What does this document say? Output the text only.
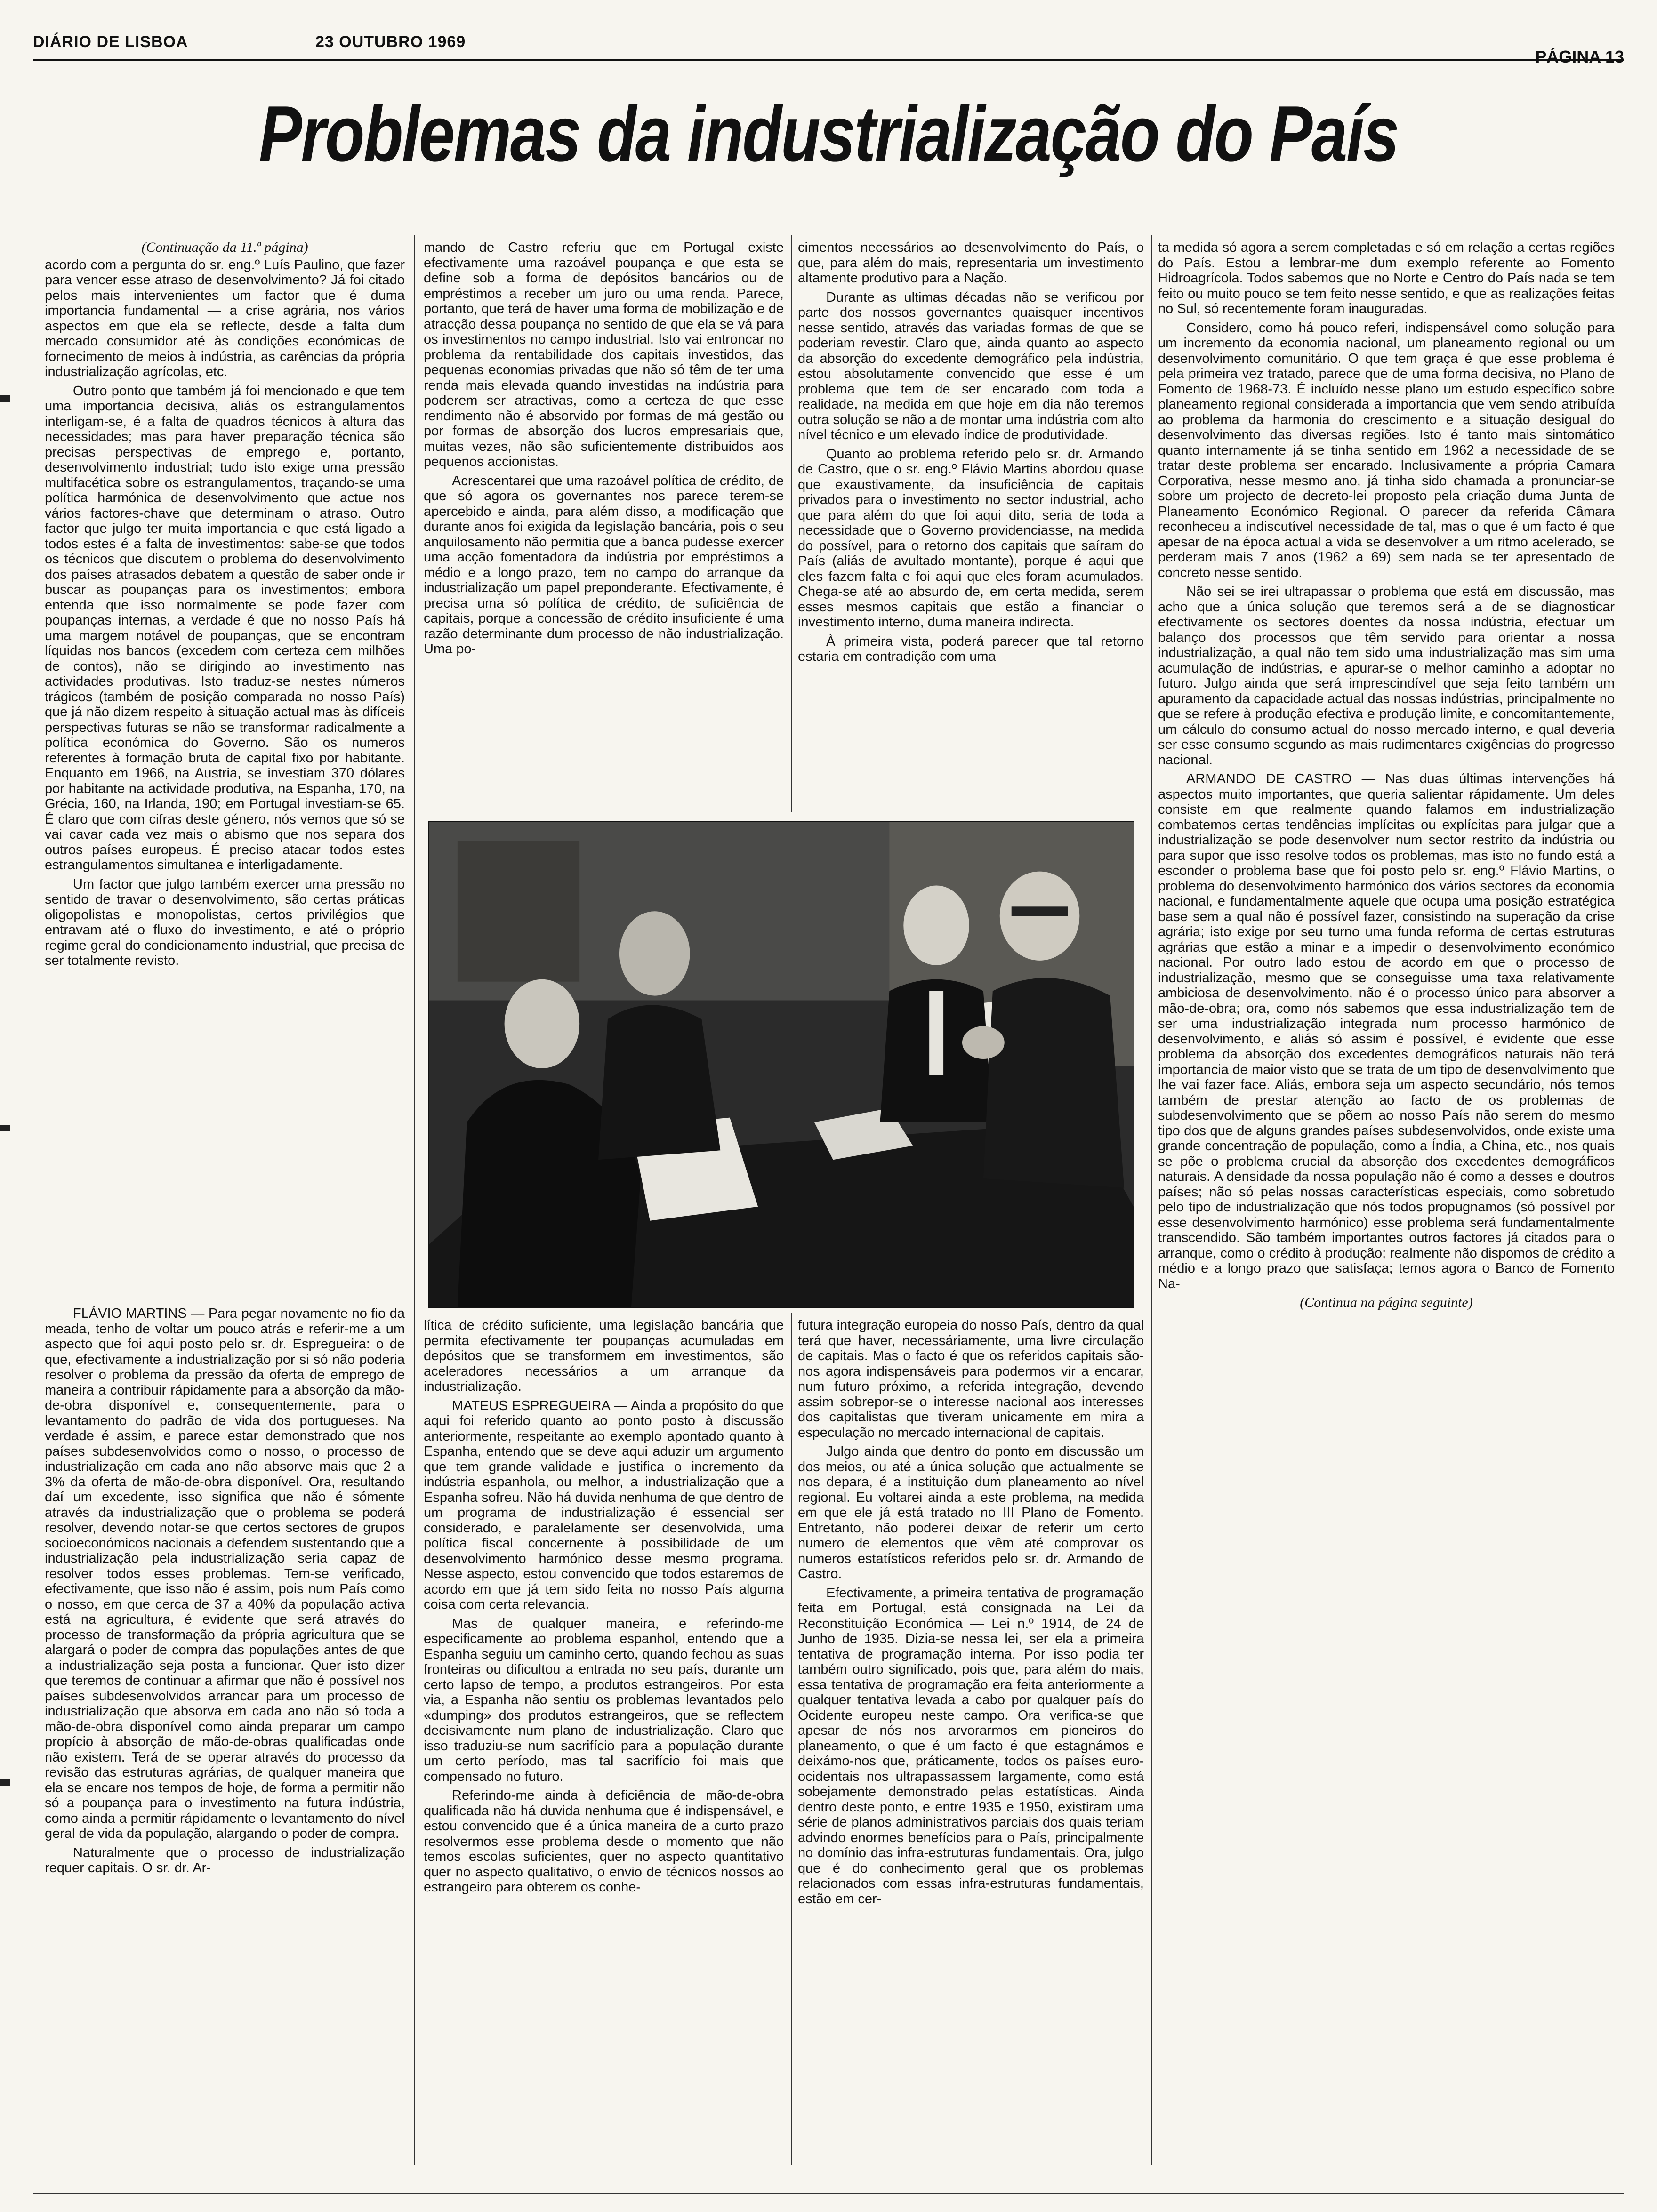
DIÁRIO DE LISBOA	23 OUTUBRO 1969
PÁGINA 13
Problemas da industrialização do País
(Continuação da 11.ª página)

acordo com a pergunta do sr. eng.º Luís Paulino, que fazer para vencer esse atraso de desenvolvimento? Já foi citado pelos mais intervenientes um factor que é duma importancia fundamental — a crise agrária, nos vários aspectos em que ela se reflecte, desde a falta dum mercado consumidor até às condições económicas de fornecimento de meios à indústria, as carências da própria industrialização agrícolas, etc.

Outro ponto que também já foi mencionado e que tem uma importancia decisiva, aliás os estrangulamentos interligam-se, é a falta de quadros técnicos à altura das necessidades; mas para haver preparação técnica são precisas perspectivas de emprego e, portanto, desenvolvimento industrial; tudo isto exige uma pressão multifacética sobre os estrangulamentos, traçando-se uma política harmónica de desenvolvimento que actue nos vários factores-chave que determinam o atraso. Outro factor que julgo ter muita importancia e que está ligado a todos estes é a falta de investimentos: sabe-se que todos os técnicos que discutem o problema do desenvolvimento dos países atrasados debatem a questão de saber onde ir buscar as poupanças para os investimentos; embora entenda que isso normalmente se pode fazer com poupanças internas, a verdade é que no nosso País há uma margem notável de poupanças, que se encontram líquidas nos bancos (excedem com certeza cem milhões de contos), não se dirigindo ao investimento nas actividades produtivas. Isto traduz-se nestes números trágicos (também de posição comparada no nosso País) que já não dizem respeito à situação actual mas às difíceis perspectivas futuras se não se transformar radicalmente a política económica do Governo. São os numeros referentes à formação bruta de capital fixo por habitante. Enquanto em 1966, na Austria, se investiam 370 dólares por habitante na actividade produtiva, na Espanha, 170, na Grécia, 160, na Irlanda, 190; em Portugal investiam-se 65. É claro que com cifras deste género, nós vemos que só se vai cavar cada vez mais o abismo que nos separa dos outros países europeus. É preciso atacar todos estes estrangulamentos simultanea e interligadamente.

Um factor que julgo também exercer uma pressão no sentido de travar o desenvolvimento, são certas práticas oligopolistas e monopolistas, certos privilégios que entravam até o fluxo do investimento, e até o próprio regime geral do condicionamento industrial, que precisa de ser totalmente revisto.

mando de Castro referiu que em Portugal existe efectivamente uma razoável poupança e que esta se define sob a forma de depósitos bancários ou de empréstimos a receber um juro ou uma renda. Parece, portanto, que terá de haver uma forma de mobilização e de atracção dessa poupança no sentido de que ela se vá para os investimentos no campo industrial. Isto vai entroncar no problema da rentabilidade dos capitais investidos, das pequenas economias privadas que não só têm de ter uma renda mais elevada quando investidas na indústria para poderem ser atractivas, como a certeza de que esse rendimento não é absorvido por formas de má gestão ou por formas de absorção dos lucros empresariais que, muitas vezes, não são suficientemente distribuidos aos pequenos accionistas.

Acrescentarei que uma razoável política de crédito, de que só agora os governantes nos parece terem-se apercebido e ainda, para além disso, a modificação que durante anos foi exigida da legislação bancária, pois o seu anquilosamento não permitia que a banca pudesse exercer uma acção fomentadora da indústria por empréstimos a médio e a longo prazo, tem no campo do arranque da industrialização um papel preponderante. Efectivamente, é precisa uma só política de crédito, de suficiência de capitais, porque a concessão de crédito insuficiente é uma razão determinante dum processo de não industrialização. Uma po-

cimentos necessários ao desenvolvimento do País, o que, para além do mais, representaria um investimento altamente produtivo para a Nação.

Durante as ultimas décadas não se verificou por parte dos nossos governantes quaisquer incentivos nesse sentido, através das variadas formas de que se poderiam revestir. Claro que, ainda quanto ao aspecto da absorção do excedente demográfico pela indústria, estou absolutamente convencido que esse é um problema que tem de ser encarado com toda a realidade, na medida em que hoje em dia não teremos outra solução se não a de montar uma indústria com alto nível técnico e um elevado índice de produtividade.

Quanto ao problema referido pelo sr. dr. Armando de Castro, que o sr. eng.º Flávio Martins abordou quase que exaustivamente, da insuficiência de capitais privados para o investimento no sector industrial, acho que para além do que foi aqui dito, seria de toda a necessidade que o Governo providenciasse, na medida do possível, para o retorno dos capitais que saíram do País (aliás de avultado montante), porque é aqui que eles fazem falta e foi aqui que eles foram acumulados. Chega-se até ao absurdo de, em certa medida, serem esses mesmos capitais que estão a financiar o investimento interno, duma maneira indirecta.

À primeira vista, poderá parecer que tal retorno estaria em contradição com uma

FLÁVIO MARTINS — Para pegar novamente no fio da meada, tenho de voltar um pouco atrás e referir-me a um aspecto que foi aqui posto pelo sr. dr. Espregueira: o de que, efectivamente a industrialização por si só não poderia resolver o problema da pressão da oferta de emprego de maneira a contribuir rápidamente para a absorção da mão-de-obra disponível e, consequentemente, para o levantamento do padrão de vida dos portugueses. Na verdade é assim, e parece estar demonstrado que nos países subdesenvolvidos como o nosso, o processo de industrialização em cada ano não absorve mais que 2 a 3% da oferta de mão-de-obra disponível. Ora, resultando daí um excedente, isso significa que não é sómente através da industrialização que o problema se poderá resolver, devendo notar-se que certos sectores de grupos socioeconómicos nacionais a defendem sustentando que a industrialização pela industrialização seria capaz de resolver todos esses problemas. Tem-se verificado, efectivamente, que isso não é assim, pois num País como o nosso, em que cerca de 37 a 40% da população activa está na agricultura, é evidente que será através do processo de transformação da própria agricultura que se alargará o poder de compra das populações antes de que a industrialização seja posta a funcionar. Quer isto dizer que teremos de continuar a afirmar que não é possível nos países subdesenvolvidos arrancar para um processo de industrialização que absorva em cada ano não só toda a mão-de-obra disponível como ainda preparar um campo propício à absorção de mão-de-obras qualificadas onde não existem. Terá de se operar através do processo da revisão das estruturas agrárias, de qualquer maneira que ela se encare nos tempos de hoje, de forma a permitir não só a poupança para o investimento na futura indústria, como ainda a permitir rápidamente o levantamento do nível geral de vida da população, alargando o poder de compra.

Naturalmente que o processo de industrialização requer capitais. O sr. dr. Ar-

lítica de crédito suficiente, uma legislação bancária que permita efectivamente ter poupanças acumuladas em depósitos que se transformem em investimentos, são aceleradores necessários a um arranque da industrialização.

MATEUS ESPREGUEIRA — Ainda a propósito do que aqui foi referido quanto ao ponto posto à discussão anteriormente, respeitante ao exemplo apontado quanto à Espanha, entendo que se deve aqui aduzir um argumento que tem grande validade e justifica o incremento da indústria espanhola, ou melhor, a industrialização que a Espanha sofreu. Não há duvida nenhuma de que dentro de um programa de industrialização é essencial ser considerado, e paralelamente ser desenvolvida, uma política fiscal concernente à possibilidade de um desenvolvimento harmónico desse mesmo programa. Nesse aspecto, estou convencido que todos estaremos de acordo em que já tem sido feita no nosso País alguma coisa com certa relevancia.

Mas de qualquer maneira, e referindo-me especificamente ao problema espanhol, entendo que a Espanha seguiu um caminho certo, quando fechou as suas fronteiras ou dificultou a entrada no seu país, durante um certo lapso de tempo, a produtos estrangeiros. Por esta via, a Espanha não sentiu os problemas levantados pelo «dumping» dos produtos estrangeiros, que se reflectem decisivamente num plano de industrialização. Claro que isso traduziu-se num sacrifício para a população durante um certo período, mas tal sacrifício foi mais que compensado no futuro.

Referindo-me ainda à deficiência de mão-de-obra qualificada não há duvida nenhuma que é indispensável, e estou convencido que é a única maneira de a curto prazo resolvermos esse problema desde o momento que não temos escolas suficientes, quer no aspecto quantitativo quer no aspecto qualitativo, o envio de técnicos nossos ao estrangeiro para obterem os conhe-

futura integração europeia do nosso País, dentro da qual terá que haver, necessáriamente, uma livre circulação de capitais. Mas o facto é que os referidos capitais são-nos agora indispensáveis para podermos vir a encarar, num futuro próximo, a referida integração, devendo assim sobrepor-se o interesse nacional aos interesses dos capitalistas que tiveram unicamente em mira a especulação no mercado internacional de capitais.

Julgo ainda que dentro do ponto em discussão um dos meios, ou até a única solução que actualmente se nos depara, é a instituição dum planeamento ao nível regional. Eu voltarei ainda a este problema, na medida em que ele já está tratado no III Plano de Fomento. Entretanto, não poderei deixar de referir um certo numero de elementos que vêm até comprovar os numeros estatísticos referidos pelo sr. dr. Armando de Castro.

Efectivamente, a primeira tentativa de programação feita em Portugal, está consignada na Lei da Reconstituição Económica — Lei n.º 1914, de 24 de Junho de 1935. Dizia-se nessa lei, ser ela a primeira tentativa de programação interna. Por isso podia ter também outro significado, pois que, para além do mais, essa tentativa de programação era feita anteriormente a qualquer tentativa levada a cabo por qualquer país do Ocidente europeu neste campo. Ora verifica-se que apesar de nós nos arvorarmos em pioneiros do planeamento, o que é um facto é que estagnámos e deixámo-nos que, práticamente, todos os países euro-ocidentais nos ultrapassassem largamente, como está sobejamente demonstrado pelas estatísticas. Ainda dentro deste ponto, e entre 1935 e 1950, existiram uma série de planos administrativos parciais dos quais teriam advindo enormes benefícios para o País, principalmente no domínio das infra-estruturas fundamentais. Ora, julgo que é do conhecimento geral que os problemas relacionados com essas infra-estruturas fundamentais, estão em cer-

ta medida só agora a serem completadas e só em relação a certas regiões do País. Estou a lembrar-me dum exemplo referente ao Fomento Hidroagrícola. Todos sabemos que no Norte e Centro do País nada se tem feito ou muito pouco se tem feito nesse sentido, e que as realizações feitas no Sul, só recentemente foram inauguradas.

Considero, como há pouco referi, indispensável como solução para um incremento da economia nacional, um planeamento regional ou um desenvolvimento comunitário. O que tem graça é que esse problema é pela primeira vez tratado, parece que de uma forma decisiva, no Plano de Fomento de 1968-73. É incluído nesse plano um estudo específico sobre planeamento regional considerada a importancia que vem sendo atribuída ao problema da harmonia do crescimento e a situação desigual do desenvolvimento das diversas regiões. Isto é tanto mais sintomático quanto internamente já se tinha sentido em 1962 a necessidade de se tratar deste problema ser encarado. Inclusivamente a própria Camara Corporativa, nesse mesmo ano, já tinha sido chamada a pronunciar-se sobre um projecto de decreto-lei proposto pela criação duma Junta de Planeamento Económico Regional. O parecer da referida Câmara reconheceu a indiscutível necessidade de tal, mas o que é um facto é que apesar de na época actual a vida se desenvolver a um ritmo acelerado, se perderam mais 7 anos (1962 a 69) sem nada se ter apresentado de concreto nesse sentido.

Não sei se irei ultrapassar o problema que está em discussão, mas acho que a única solução que teremos será a de se diagnosticar efectivamente os sectores doentes da nossa indústria, efectuar um balanço dos processos que têm servido para orientar a nossa industrialização, a qual não tem sido uma industrialização mas sim uma acumulação de indústrias, e apurar-se o melhor caminho a adoptar no futuro. Julgo ainda que será imprescindível que seja feito também um apuramento da capacidade actual das nossas indústrias, principalmente no que se refere à produção efectiva e produção limite, e concomitantemente, um cálculo do consumo actual do nosso mercado interno, e qual deveria ser esse consumo segundo as mais rudimentares exigências do progresso nacional.

ARMANDO DE CASTRO — Nas duas últimas intervenções há aspectos muito importantes, que queria salientar rápidamente. Um deles consiste em que realmente quando falamos em industrialização combatemos certas tendências implícitas ou explícitas para julgar que a industrialização se pode desenvolver num sector restrito da indústria ou para supor que isso resolve todos os problemas, mas isto no fundo está a esconder o problema base que foi posto pelo sr. eng.º Flávio Martins, o problema do desenvolvimento harmónico dos vários sectores da economia nacional, e fundamentalmente aquele que ocupa uma posição estratégica base sem a qual não é possível fazer, consistindo na superação da crise agrária; isto exige por seu turno uma funda reforma de certas estruturas agrárias que estão a minar e a impedir o desenvolvimento económico nacional. Por outro lado estou de acordo em que o processo de industrialização, mesmo que se conseguisse uma taxa relativamente ambiciosa de desenvolvimento, não é o processo único para absorver a mão-de-obra; ora, como nós sabemos que essa industrialização tem de ser uma industrialização integrada num processo harmónico de desenvolvimento, e aliás só assim é possível, é evidente que esse problema da absorção dos excedentes demográficos naturais não terá importancia de maior visto que se trata de um tipo de desenvolvimento que lhe vai fazer face. Aliás, embora seja um aspecto secundário, nós temos também de prestar atenção ao facto de os problemas de subdesenvolvimento que se põem ao nosso País não serem do mesmo tipo dos que de alguns grandes países subdesenvolvidos, onde existe uma grande concentração de população, como a Índia, a China, etc., nos quais se põe o problema crucial da absorção dos excedentes demográficos naturais. A densidade da nossa população não é como a desses e doutros países; não só pelas nossas características especiais, como sobretudo pelo tipo de industrialização que nós todos propugnamos (só possível por esse desenvolvimento harmónico) esse problema será fundamentalmente transcendido. São também importantes outros factores já citados para o arranque, como o crédito à produção; realmente não dispomos de crédito a médio e a longo prazo que satisfaça; temos agora o Banco de Fomento Na-

(Continua na página seguinte)
